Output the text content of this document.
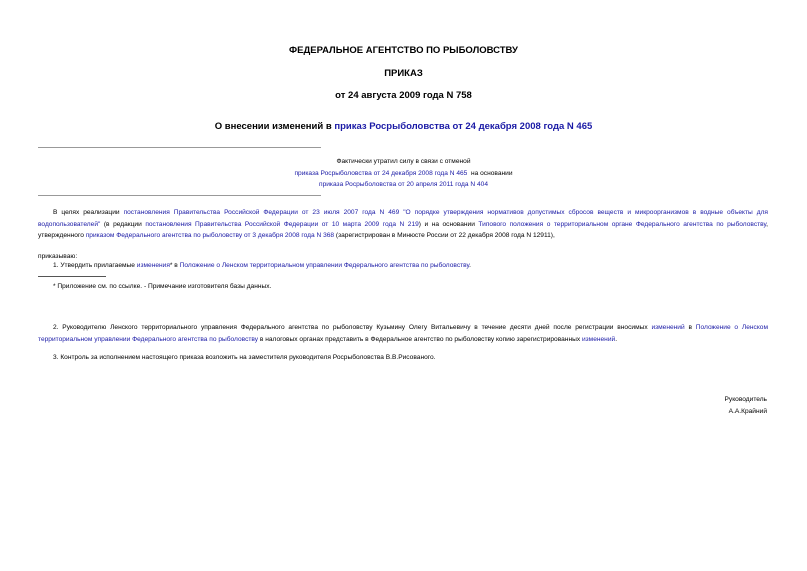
ФЕДЕРАЛЬНОЕ АГЕНТСТВО ПО РЫБОЛОВСТВУ
ПРИКАЗ
от 24 августа 2009 года N 758
О внесении изменений в приказ Росрыболовства от 24 декабря 2008 года N 465
Фактически утратил силу в связи с отменой
приказа Росрыболовства от 24 декабря 2008 года N 465 на основании
приказа Росрыболовства от 20 апреля 2011 года N 404
В целях реализации постановления Правительства Российской Федерации от 23 июля 2007 года N 469 "О порядке утверждения нормативов допустимых сбросов веществ и микроорганизмов в водные объекты для водопользователей" (в редакции постановления Правительства Российской Федерации от 10 марта 2009 года N 219) и на основании Типового положения о территориальном органе Федерального агентства по рыболовству, утвержденного приказом Федерального агентства по рыболовству от 3 декабря 2008 года N 368 (зарегистрирован в Минюсте России от 22 декабря 2008 года N 12911),
приказываю:
1. Утвердить прилагаемые изменения* в Положение о Ленском территориальном управлении Федерального агентства по рыболовству.
* Приложение см. по ссылке. - Примечание изготовителя базы данных.
2. Руководителю Ленского территориального управления Федерального агентства по рыболовству Кузьмину Олегу Витальевичу в течение десяти дней после регистрации вносимых изменений в Положение о Ленском территориальном управлении Федерального агентства по рыболовству в налоговых органах представить в Федеральное агентство по рыболовству копию зарегистрированных изменений.
3. Контроль за исполнением настоящего приказа возложить на заместителя руководителя Росрыболовства В.В.Рисованого.
Руководитель
А.А.Крайний
